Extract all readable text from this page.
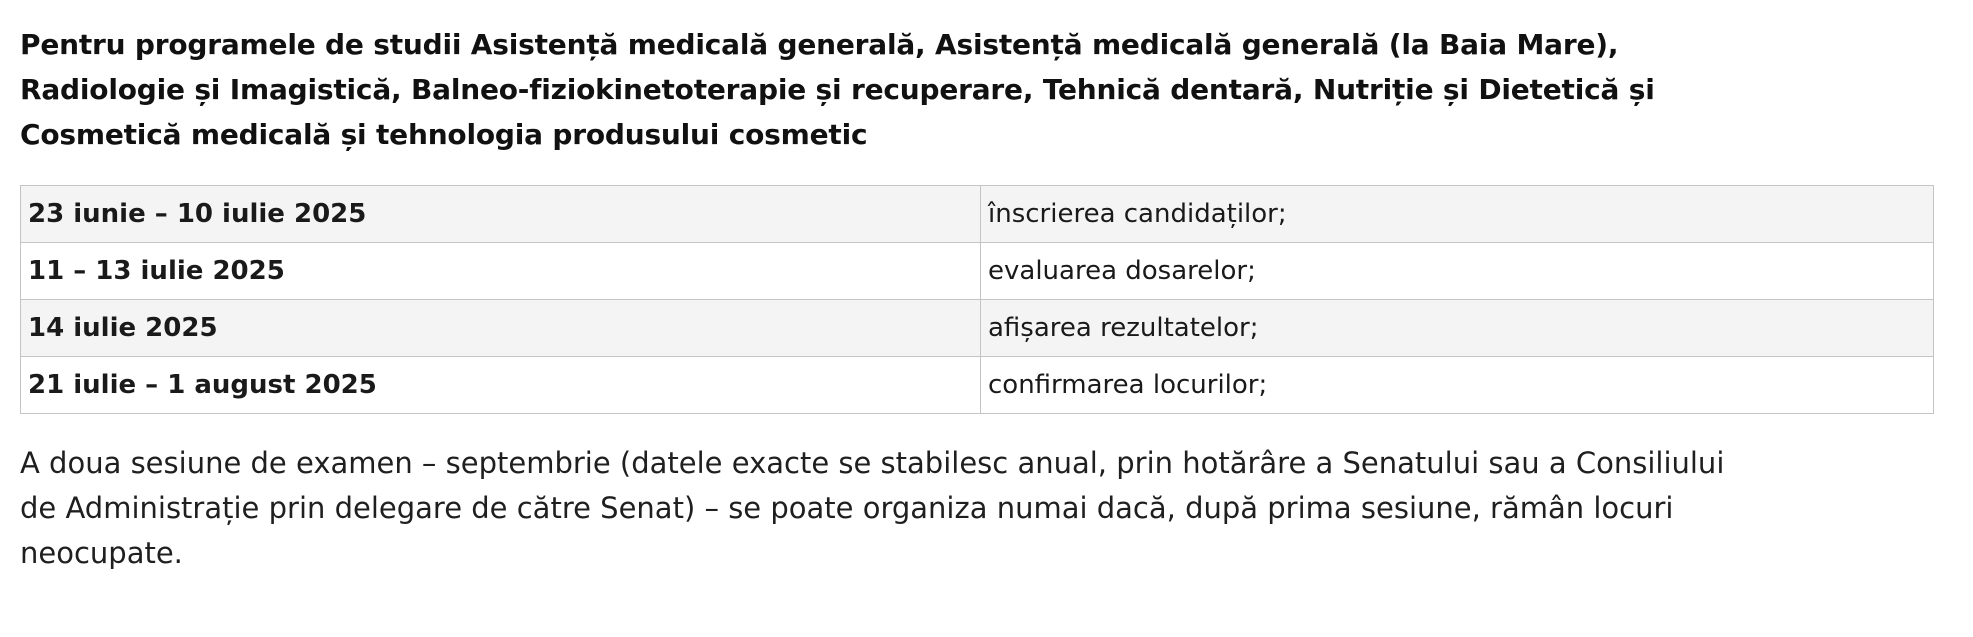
Pentru programele de studii Asistență medicală generală, Asistență medicală generală (la Baia Mare),
Radiologie și Imagistică, Balneo-fiziokinetoterapie și recuperare, Tehnică dentară, Nutriție și Dietetică și
Cosmetică medicală și tehnologia produsului cosmetic
23 iunie – 10 iulie 2025	înscrierea candidaților;
11 – 13 iulie 2025	evaluarea dosarelor;
14 iulie 2025	afișarea rezultatelor;
21 iulie – 1 august 2025	confirmarea locurilor;

A doua sesiune de examen – septembrie (datele exacte se stabilesc anual, prin hotărâre a Senatului sau a Consiliului
de Administrație prin delegare de către Senat) – se poate organiza numai dacă, după prima sesiune, rămân locuri
neocupate.
